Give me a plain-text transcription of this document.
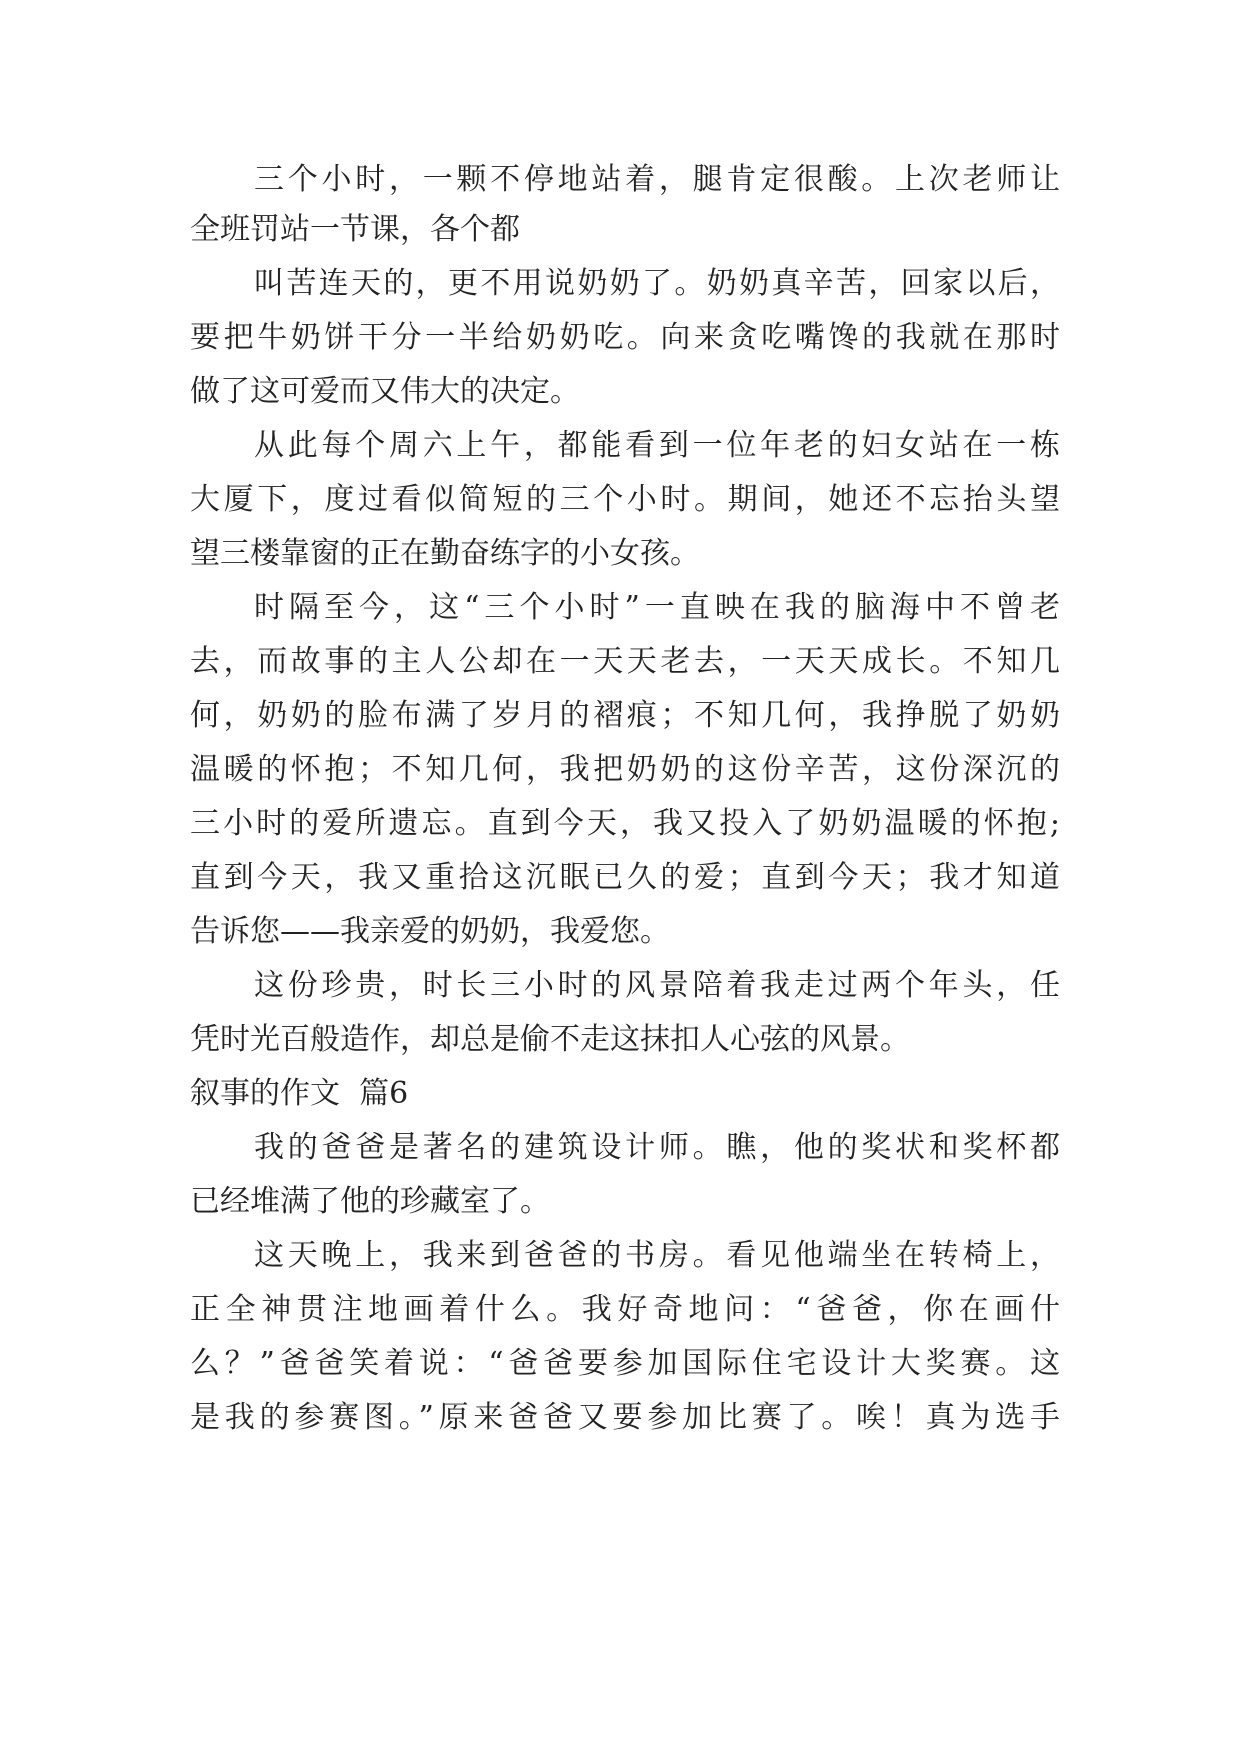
三个小时，一颗不停地站着，腿肯定很酸。上次老师让
全班罚站一节课，各个都
叫苦连天的，更不用说奶奶了。奶奶真辛苦，回家以后，
要把牛奶饼干分一半给奶奶吃。向来贪吃嘴馋的我就在那时
做了这可爱而又伟大的决定。
从此每个周六上午，都能看到一位年老的妇女站在一栋
大厦下，度过看似简短的三个小时。期间，她还不忘抬头望
望三楼靠窗的正在勤奋练字的小女孩。
时隔至今，这“三个小时”一直映在我的脑海中不曾老
去，而故事的主人公却在一天天老去，一天天成长。不知几
何，奶奶的脸布满了岁月的褶痕；不知几何，我挣脱了奶奶
温暖的怀抱；不知几何，我把奶奶的这份辛苦，这份深沉的
三小时的爱所遗忘。直到今天，我又投入了奶奶温暖的怀抱;
直到今天，我又重拾这沉眠已久的爱；直到今天；我才知道
告诉您——我亲爱的奶奶，我爱您。
这份珍贵，时长三小时的风景陪着我走过两个年头，任
凭时光百般造作，却总是偷不走这抹扣人心弦的风景。
叙事的作文  篇6
我的爸爸是著名的建筑设计师。瞧，他的奖状和奖杯都
已经堆满了他的珍藏室了。
这天晚上，我来到爸爸的书房。看见他端坐在转椅上，
正全神贯注地画着什么。我好奇地问：“爸爸，你在画什
么？”爸爸笑着说：“爸爸要参加国际住宅设计大奖赛。这
是我的参赛图。”原来爸爸又要参加比赛了。唉！真为选手
